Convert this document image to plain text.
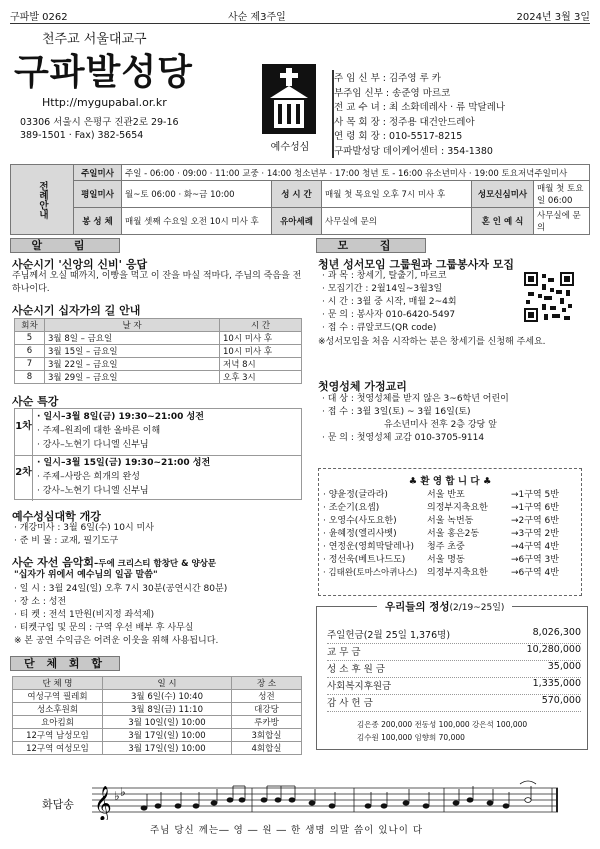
구파발 0262	사순 제3주일	2024년 3월 3일
천주교 서울대교구
구파발성당
Http://mygupabal.or.kr
03306 서울시 은평구 진관2로 29-16
389-1501 · Fax) 382-5654
예수성심
주 임 신 부 : 김주영 루 카
부주임 신부 : 송준영 마르코
전 교 수 녀 : 최 소화데레사 · 류 막달레나
사 목 회 장 : 정주용 대건안드레아
연 령 회 장 : 010-5517-8215
구파발성당 데이케어센터 : 354-1380
전례안내	주일미사	주일 - 06:00 · 09:00 · 11:00 교중 · 14:00 청소년부 · 17:00 청년 토 - 16:00 유소년미사 · 19:00 토요저녁주일미사				
	평일미사	월~토 06:00 · 화~금 10:00	성 시 간	매월 첫 목요일 오후 7시 미사 후	성모신심미사	매월 첫 토요일 06:00
	봉 성 체	매월 셋째 수요일 오전 10시 미사 후	유아세례	사무실에 문의	혼 인 예 식	사무실에 문의
알 림
사순시기 '신앙의 신비' 응답
주님께서 오실 때까지, 이빵을 먹고 이 잔을 마실 적마다, 주님의 죽음을 전하나이다.
사순시기 십자가의 길 안내
회차	날 자	시 간
5	3월 8일 – 금요일	10시 미사 후
6	3월 15일 – 금요일	10시 미사 후
7	3월 22일 – 금요일	저녁 8시
8	3월 29일 – 금요일	오후 3시
사순 특강
1차
· 일시–3월 8일(금) 19:30~21:00 성전
· 주제–원죄에 대한 올바른 이해
· 강사–노현기 다니엘 신부님
2차
· 일시–3월 15일(금) 19:30~21:00 성전
· 주제–사랑은 희개의 완성
· 강사–노현기 다니엘 신부님
예수성심대학 개강
· 개강미사 : 3월 6일(수) 10시 미사
· 준 비 물 : 교재, 필기도구
사순 자선 음악회–두에 크리스티 함창단 & 양상문
"십자가 위에서 예수님의 일곱 말씀"
· 일 시 : 3월 24일(일) 오후 7시 30분(공연시간 80분)
· 장 소 : 성전
· 티 켓 : 전석 1만원(비지정 좌석제)
· 티켓구입 및 문의 : 구역 우선 배부 후 사무실
※ 본 공연 수익금은 어려운 이웃을 위해 사용됩니다.
단 체 회 합
단 체 명	일 시	장 소
여성구역 필레회	3월 6일(수) 10:40	성전
성소후원회	3월 8일(금) 11:10	대강당
요아킴회	3월 10일(일) 10:00	루카방
12구역 남성모임	3월 17일(일) 10:00	3회합실
12구역 여성모임	3월 17일(일) 10:00	4회합실
모 집
청년 성서모임 그룹원과 그룹봉사자 모집
· 과 목 : 창세기, 탈출기, 마르코
· 모집기간 : 2월14일~3월3일
· 시 간 : 3월 중 시작, 매월 2~4회
· 문 의 : 봉사자 010-6420-5497
· 접 수 : 큐알코드(QR code)
※성서모임을 처음 시작하는 분은 창세기를 신청해 주세요.
첫영성체 가정교리
· 대 상 : 첫영성체를 받지 않은 3~6학년 어린이
· 접 수 : 3월 3일(토) ~ 3월 16일(토)
유소년미사 전후 2층 강당 앞
· 문 의 : 첫영성체 교감 010-3705-9114
♣ 환 영 합 니 다 ♣
· 양윤정(글라라)	서울 반포	→1구역 5반
· 조순기(요셉)	의정부지축요한	→1구역 6반
· 오영수(사도요한)	서울 녹번동	→2구역 6반
· 윤혜정(엘리사벳)	서울 홍은2동	→3구역 2반
· 연정운(영희막달레나)	청주 초중	→4구역 4반
· 정선욱(베트나드도)	서울 명동	→6구역 3반
· 김태완(토마스아퀴나스)	의정부지축요한	→6구역 4반
우리들의 정성(2/19~25일)
주일헌금(2월 25일 1,376명)	8,026,300
교 무 금	10,280,000
성 소 후 원 금	35,000
사회복지후원금	1,335,000
감 사 헌 금	570,000
김은종 200,000 전동성 100,000 강은석 100,000
김수원 100,000 임향희 70,000
화답송 𝄞 ♭ ♭
주님 당신 께는― 영 ― 원 ― 한 생명 의말 씀이 있나이 다
